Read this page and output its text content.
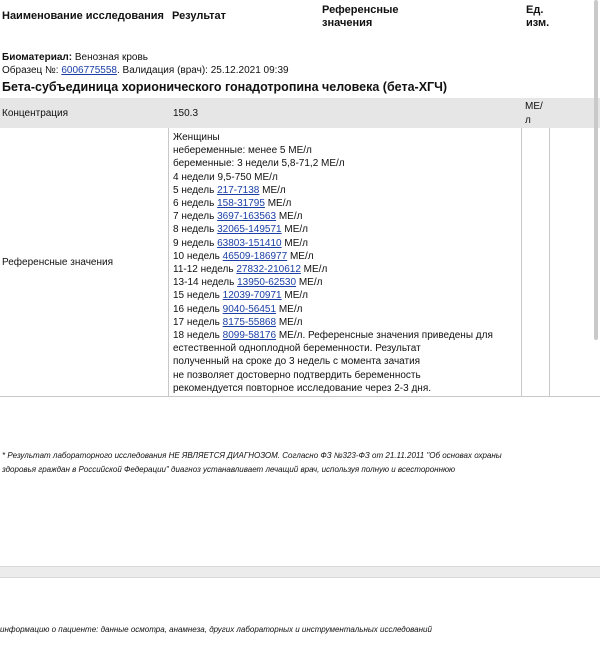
Наименование исследования Результат	Референсные
значения
Ед.
изм.
Биоматериал: Венозная кровь
Образец №: 6006775558. Валидация (врач): 25.12.2021 09:39
Бета-субъединица хорионического гонадотропина человека (бета-ХГЧ)
Концентрация	150.3
МЕ/
л
Референсные значения
Женщины
небеременные: менее 5 МЕ/л
беременные: 3 недели 5,8-71,2 МЕ/л
4 недели 9,5-750 МЕ/л
5 недель 217-7138 МЕ/л
6 недель 158-31795 МЕ/л
7 недель 3697-163563 МЕ/л
8 недель 32065-149571 МЕ/л
9 недель 63803-151410 МЕ/л
10 недель 46509-186977 МЕ/л
11-12 недель 27832-210612 МЕ/л
13-14 недель 13950-62530 МЕ/л
15 недель 12039-70971 МЕ/л
16 недель 9040-56451 МЕ/л
17 недель 8175-55868 МЕ/л
18 недель 8099-58176 МЕ/л. Референсные значения приведены для
естественной одноплодной беременности. Результат
полученный на сроке до 3 недель с момента зачатия
не позволяет достоверно подтвердить беременность
рекомендуется повторное исследование через 2-3 дня.
* Результат лабораторного исследования НЕ ЯВЛЯЕТСЯ ДИАГНОЗОМ. Согласно ФЗ №323-ФЗ от 21.11.2011 "Об основах охраны
здоровья граждан в Российской Федерации" диагноз устанавливает лечащий врач, используя полную и всестороннюю
информацию о пациенте: данные осмотра, анамнеза, других лабораторных и инструментальных исследований
